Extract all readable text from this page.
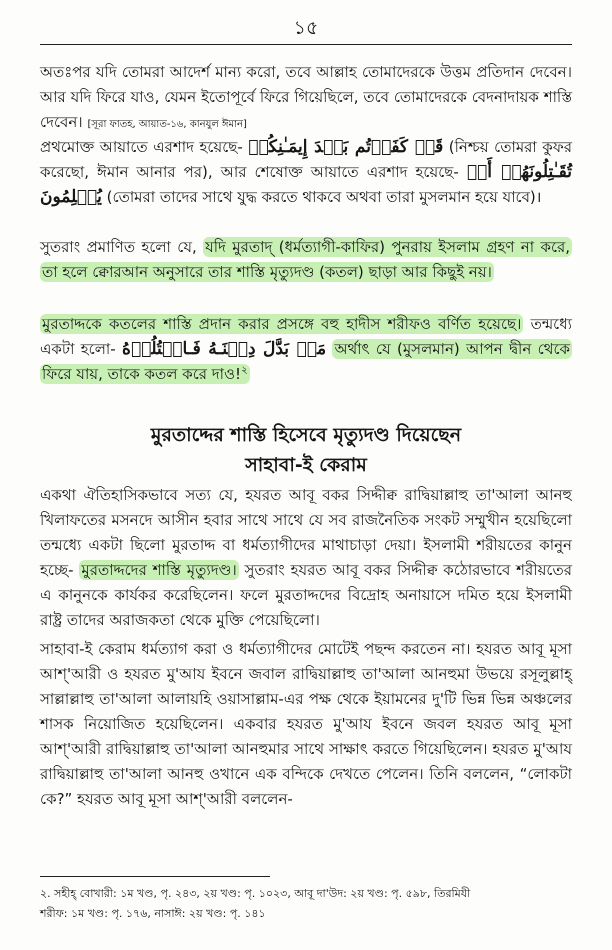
১৫
অতঃপর যদি তোমরা আদের্শ মান্য করো, তবে আল্লাহ তোমাদেরকে উত্তম প্রতিদান দেবেন। আর যদি ফিরে যাও, যেমন ইতোপূর্বে ফিরে গিয়েছিলে, তবে তোমাদেরকে বেদনাদায়ক শাস্তি দেবেন। [সূরা ফাতহ, আয়াত-১৬, কানযুল ঈমান]
প্রথমোক্ত আয়াতে এরশাদ হয়েছে- قَدۡ كَفَرۡتُم بَعۡدَ إِيمَـٰنِكُمۡ (নিশ্চয় তোমরা কুফর করেছো, ঈমান আনার পর), আর শেষোক্ত আয়াতে এরশাদ হয়েছে- تُقَـٰتِلُونَهُمۡ أَوۡ يُسۡلِمُونَ (তোমরা তাদের সাথে যুদ্ধ করতে থাকবে অথবা তারা মুসলমান হয়ে যাবে)।
সুতরাং প্রমাণিত হলো যে, যদি মুরতাদ্ (ধর্মত্যাগী-কাফির) পুনরায় ইসলাম গ্রহণ না করে, তা হলে ক্বোরআন অনুসারে তার শাস্তি মৃত্যুদণ্ড (কতল) ছাড়া আর কিছুই নয়।
মুরতাদ্দকে কতলের শাস্তি প্রদান করার প্রসঙ্গে বহু হাদীস শরীফও বর্ণিত হয়েছে। তন্মধ্যে একটা হলো- مَنۡ بَدَّلَ دِيۡنَـهُ فَـاقۡتُلُوۡهُ অর্থাৎ যে (মুসলমান) আপন দ্বীন থেকে ফিরে যায়, তাকে কতল করে দাও!$^২$
মুরতাদ্দের শাস্তি হিসেবে মৃত্যুদণ্ড দিয়েছেন
সাহাবা-ই কেরাম
একথা ঐতিহাসিকভাবে সত্য যে, হযরত আবূ বকর সিদ্দীক্ব রাদ্বিয়াল্লাহু তা'আলা আনহু খিলাফতের মসনদে আসীন হবার সাথে সাথে যে সব রাজনৈতিক সংকট সম্মুখীন হয়েছিলো তন্মধ্যে একটা ছিলো মুরতাদ্দ বা ধর্মত্যাগীদের মাথাচাড়া দেয়া। ইসলামী শরীয়তের কানুন হচ্ছে- মুরতাদ্দদের শাস্তি মৃত্যুদণ্ড। সুতরাং হযরত আবূ বকর সিদ্দীক্ব কঠোরভাবে শরীয়তের এ কানুনকে কার্যকর করেছিলেন। ফলে মুরতাদ্দদের বিদ্রোহ অনায়াসে দমিত হয়ে ইসলামী রাষ্ট্র তাদের অরাজকতা থেকে মুক্তি পেয়েছিলো।
সাহাবা-ই কেরাম ধর্মত্যাগ করা ও ধর্মত্যাগীদের মোটেই পছন্দ করতেন না। হযরত আবূ মূসা আশ্'আরী ও হযরত মু'আয ইবনে জবাল রাদ্বিয়াল্লাহু তা'আলা আনহুমা উভয়ে রসূলুল্লাহ্ সাল্লাল্লাহু তা'আলা আলায়হি ওয়াসাল্লাম-এর পক্ষ থেকে ইয়ামনের দু'টি ভিন্ন ভিন্ন অঞ্চলের শাসক নিয়োজিত হয়েছিলেন। একবার হযরত মু'আয ইবনে জবল হযরত আবূ মূসা আশ্'আরী রাদ্বিয়াল্লাহু তা'আলা আনহুমার সাথে সাক্ষাৎ করতে গিয়েছিলেন। হযরত মু'আয রাদ্বিয়াল্লাহু তা'আলা আনহু ওখানে এক বন্দিকে দেখতে পেলেন। তিনি বললেন, “লোকটা কে?” হযরত আবূ মূসা আশ্'আরী বললেন-
২. সহীহ্ বোখারী: ১ম খণ্ড, পৃ. ২৪৩, ২য় খণ্ড: পৃ. ১০২৩, আবূ দা'উদ: ২য় খণ্ড: পৃ. ৫৯৮, তিরমিযী
শরীফ: ১ম খণ্ড: পৃ. ১৭৬, নাসাঈ: ২য় খণ্ড: পৃ. ১৪১
